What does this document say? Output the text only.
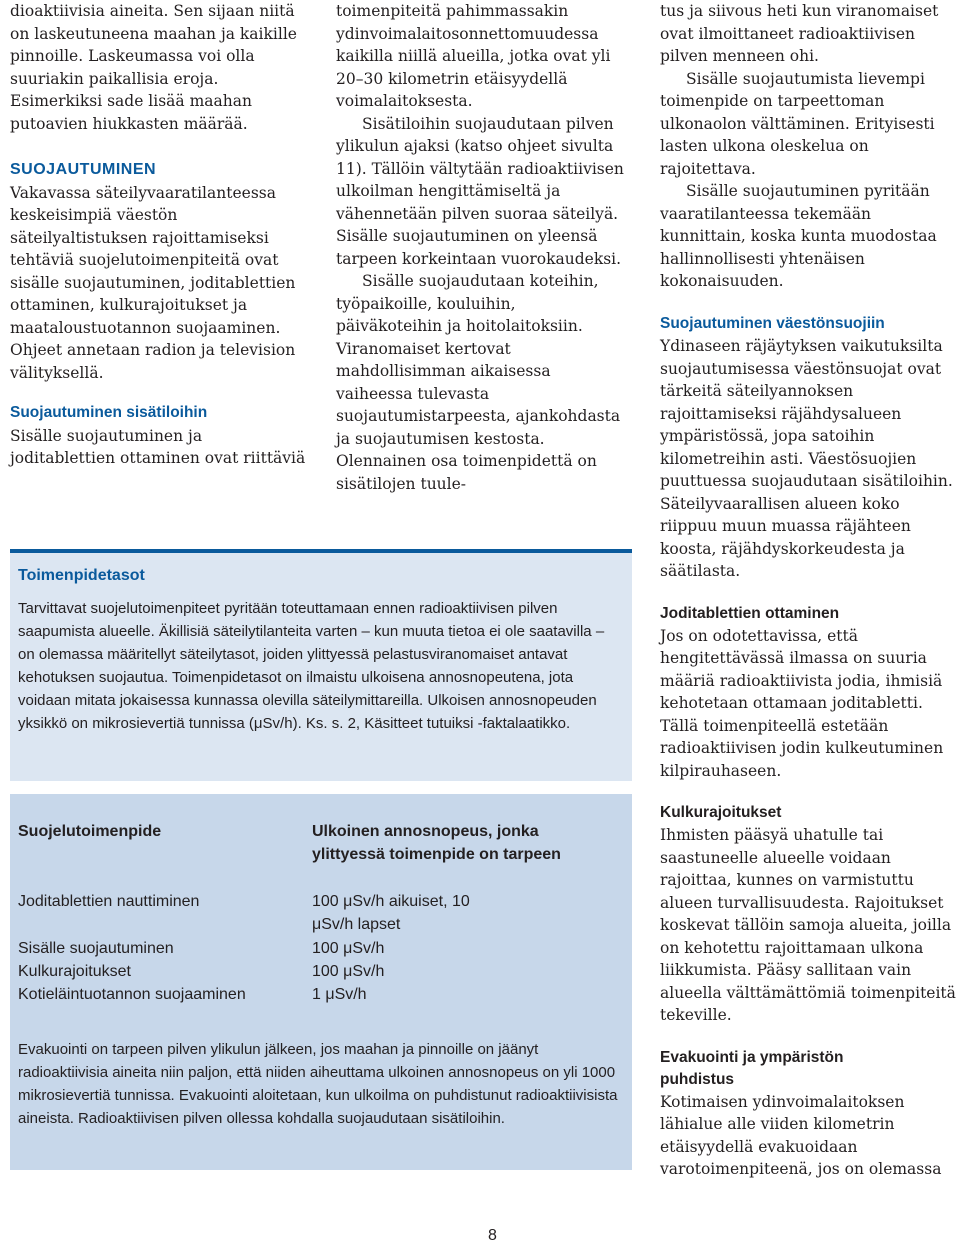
dioaktiivisia aineita. Sen sijaan niitä on laskeutuneena maahan ja kaikille pinnoille. Laskeumassa voi olla suuriakin paikallisia eroja. Esimerkiksi sade lisää maahan putoavien hiukkasten määrää.

SUOJAUTUMINEN

Vakavassa säteilyvaaratilanteessa keskeisimpiä väestön säteilyaltistuksen rajoittamiseksi tehtäviä suojelutoimenpiteitä ovat sisälle suojautuminen, joditablettien ottaminen, kulkurajoitukset ja maataloustuotannon suojaaminen. Ohjeet annetaan radion ja television välityksellä.

Suojautuminen sisätiloihin

Sisälle suojautuminen ja joditablettien ottaminen ovat riittäviä

toimenpiteitä pahimmassakin ydinvoimalaitosonnettomuudessa kaikilla niillä alueilla, jotka ovat yli 20–30 kilometrin etäisyydellä voimalaitoksesta.

Sisätiloihin suojaudutaan pilven ylikulun ajaksi (katso ohjeet sivulta 11). Tällöin vältytään radioaktiivisen ulkoilman hengittämiseltä ja vähennetään pilven suoraa säteilyä. Sisälle suojautuminen on yleensä tarpeen korkeintaan vuorokaudeksi.

Sisälle suojaudutaan koteihin, työpaikoille, kouluihin, päiväkoteihin ja hoitolaitoksiin. Viranomaiset kertovat mahdollisimman aikaisessa vaiheessa tulevasta suojautumistarpeesta, ajankohdasta ja suojautumisen kestosta. Olennainen osa toimenpidettä on sisätilojen tuule-

tus ja siivous heti kun viranomaiset ovat ilmoittaneet radioaktiivisen pilven menneen ohi.

Sisälle suojautumista lievempi toimenpide on tarpeettoman ulkonaolon välttäminen. Erityisesti lasten ulkona oleskelua on rajoitettava.

Sisälle suojautuminen pyritään vaaratilanteessa tekemään kunnittain, koska kunta muodostaa hallinnollisesti yhtenäisen kokonaisuuden.

Suojautuminen väestönsuojiin

Ydinaseen räjäytyksen vaikutuksilta suojautumisessa väestönsuojat ovat tärkeitä säteilyannoksen rajoittamiseksi räjähdysalueen ympäristössä, jopa satoihin kilometreihin asti. Väestösuojien puuttuessa suojaudutaan sisätiloihin. Säteilyvaarallisen alueen koko riippuu muun muassa räjähteen koosta, räjähdyskorkeudesta ja säätilasta.

Joditablettien ottaminen

Jos on odotettavissa, että hengitettävässä ilmassa on suuria määriä radioaktiivista jodia, ihmisiä kehotetaan ottamaan joditabletti. Tällä toimenpiteellä estetään radioaktiivisen jodin kulkeutuminen kilpirauhaseen.

Kulkurajoitukset

Ihmisten pääsyä uhatulle tai saastuneelle alueelle voidaan rajoittaa, kunnes on varmistuttu alueen turvallisuudesta. Rajoitukset koskevat tällöin samoja alueita, joilla on kehotettu rajoittamaan ulkona liikkumista. Pääsy sallitaan vain alueella välttämättömiä toimenpiteitä tekeville.

Evakuointi ja ympäristön puhdistus

Kotimaisen ydinvoimalaitoksen lähialue alle viiden kilometrin etäisyydellä evakuoidaan varotoimenpiteenä, jos on olemassa

Toimenpidetasot
Tarvittavat suojelutoimenpiteet pyritään toteuttamaan ennen radioaktiivisen pilven saapumista alueelle. Äkillisiä säteilytilanteita varten – kun muuta tietoa ei ole saatavilla – on olemassa määritellyt säteilytasot, joiden ylittyessä pelastusviranomaiset antavat kehotuksen suojautua. Toimenpidetasot on ilmaistu ulkoisena annosnopeutena, jota voidaan mitata jokaisessa kunnassa olevilla säteilymittareilla. Ulkoisen annosnopeuden yksikkö on mikrosievertiä tunnissa (μSv/h). Ks. s. 2, Käsitteet tutuiksi -faktalaatikko.
Suojelutoimenpide	Ulkoinen annosnopeus, jonka ylittyessä toimenpide on tarpeen
Joditablettien nauttiminen	100 μSv/h aikuiset, 10 μSv/h lapset
Sisälle suojautuminen	100 μSv/h
Kulkurajoitukset	100 μSv/h
Kotieläintuotannon suojaaminen	1 μSv/h
Evakuointi on tarpeen pilven ylikulun jälkeen, jos maahan ja pinnoille on jäänyt radioaktiivisia aineita niin paljon, että niiden aiheuttama ulkoinen annosnopeus on yli 1000 mikrosievertiä tunnissa. Evakuointi aloitetaan, kun ulkoilma on puhdistunut radioaktiivisista aineista. Radioaktiivisen pilven ollessa kohdalla suojaudutaan sisätiloihin.
8
